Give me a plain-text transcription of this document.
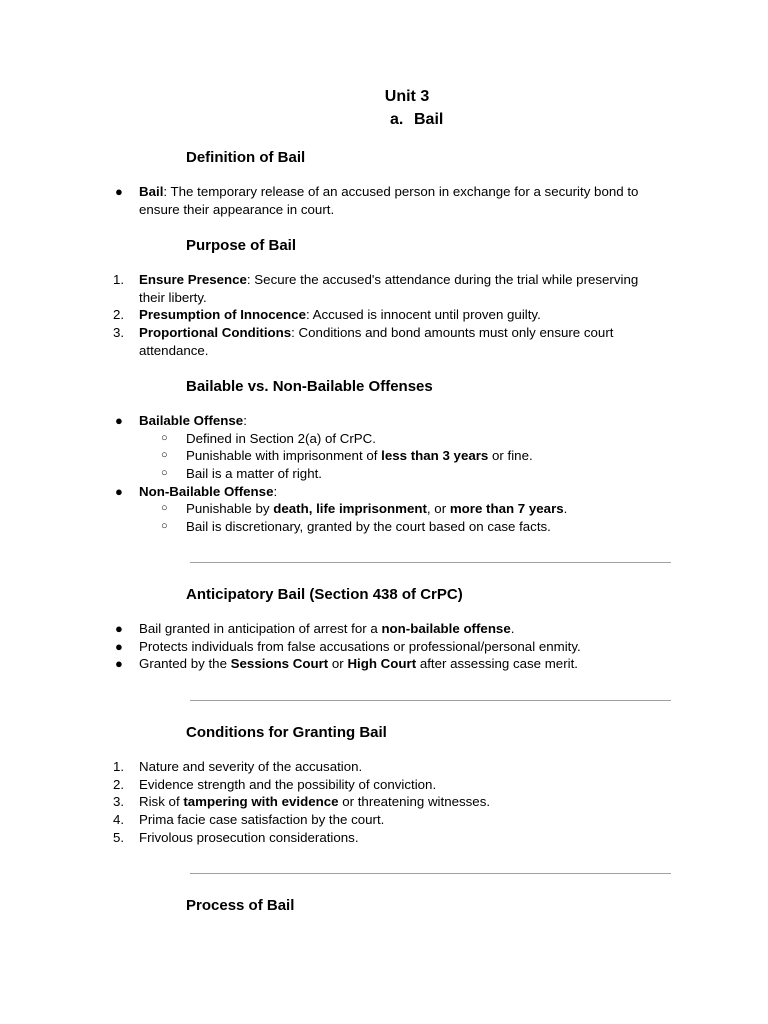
Unit 3
a. Bail
Definition of Bail
●	Bail: The temporary release of an accused person in exchange for a security bond to
ensure their appearance in court.
Purpose of Bail
1.	Ensure Presence: Secure the accused's attendance during the trial while preserving
their liberty.
2.	Presumption of Innocence: Accused is innocent until proven guilty.
3.	Proportional Conditions: Conditions and bond amounts must only ensure court
attendance.
Bailable vs. Non-Bailable Offenses
●	Bailable Offense:
○	Defined in Section 2(a) of CrPC.
○	Punishable with imprisonment of less than 3 years or fine.
○	Bail is a matter of right.
●	Non-Bailable Offense:
○	Punishable by death, life imprisonment, or more than 7 years.
○	Bail is discretionary, granted by the court based on case facts.
Anticipatory Bail (Section 438 of CrPC)
●	Bail granted in anticipation of arrest for a non-bailable offense.
●	Protects individuals from false accusations or professional/personal enmity.
●	Granted by the Sessions Court or High Court after assessing case merit.
Conditions for Granting Bail
1.	Nature and severity of the accusation.
2.	Evidence strength and the possibility of conviction.
3.	Risk of tampering with evidence or threatening witnesses.
4.	Prima facie case satisfaction by the court.
5.	Frivolous prosecution considerations.
Process of Bail
